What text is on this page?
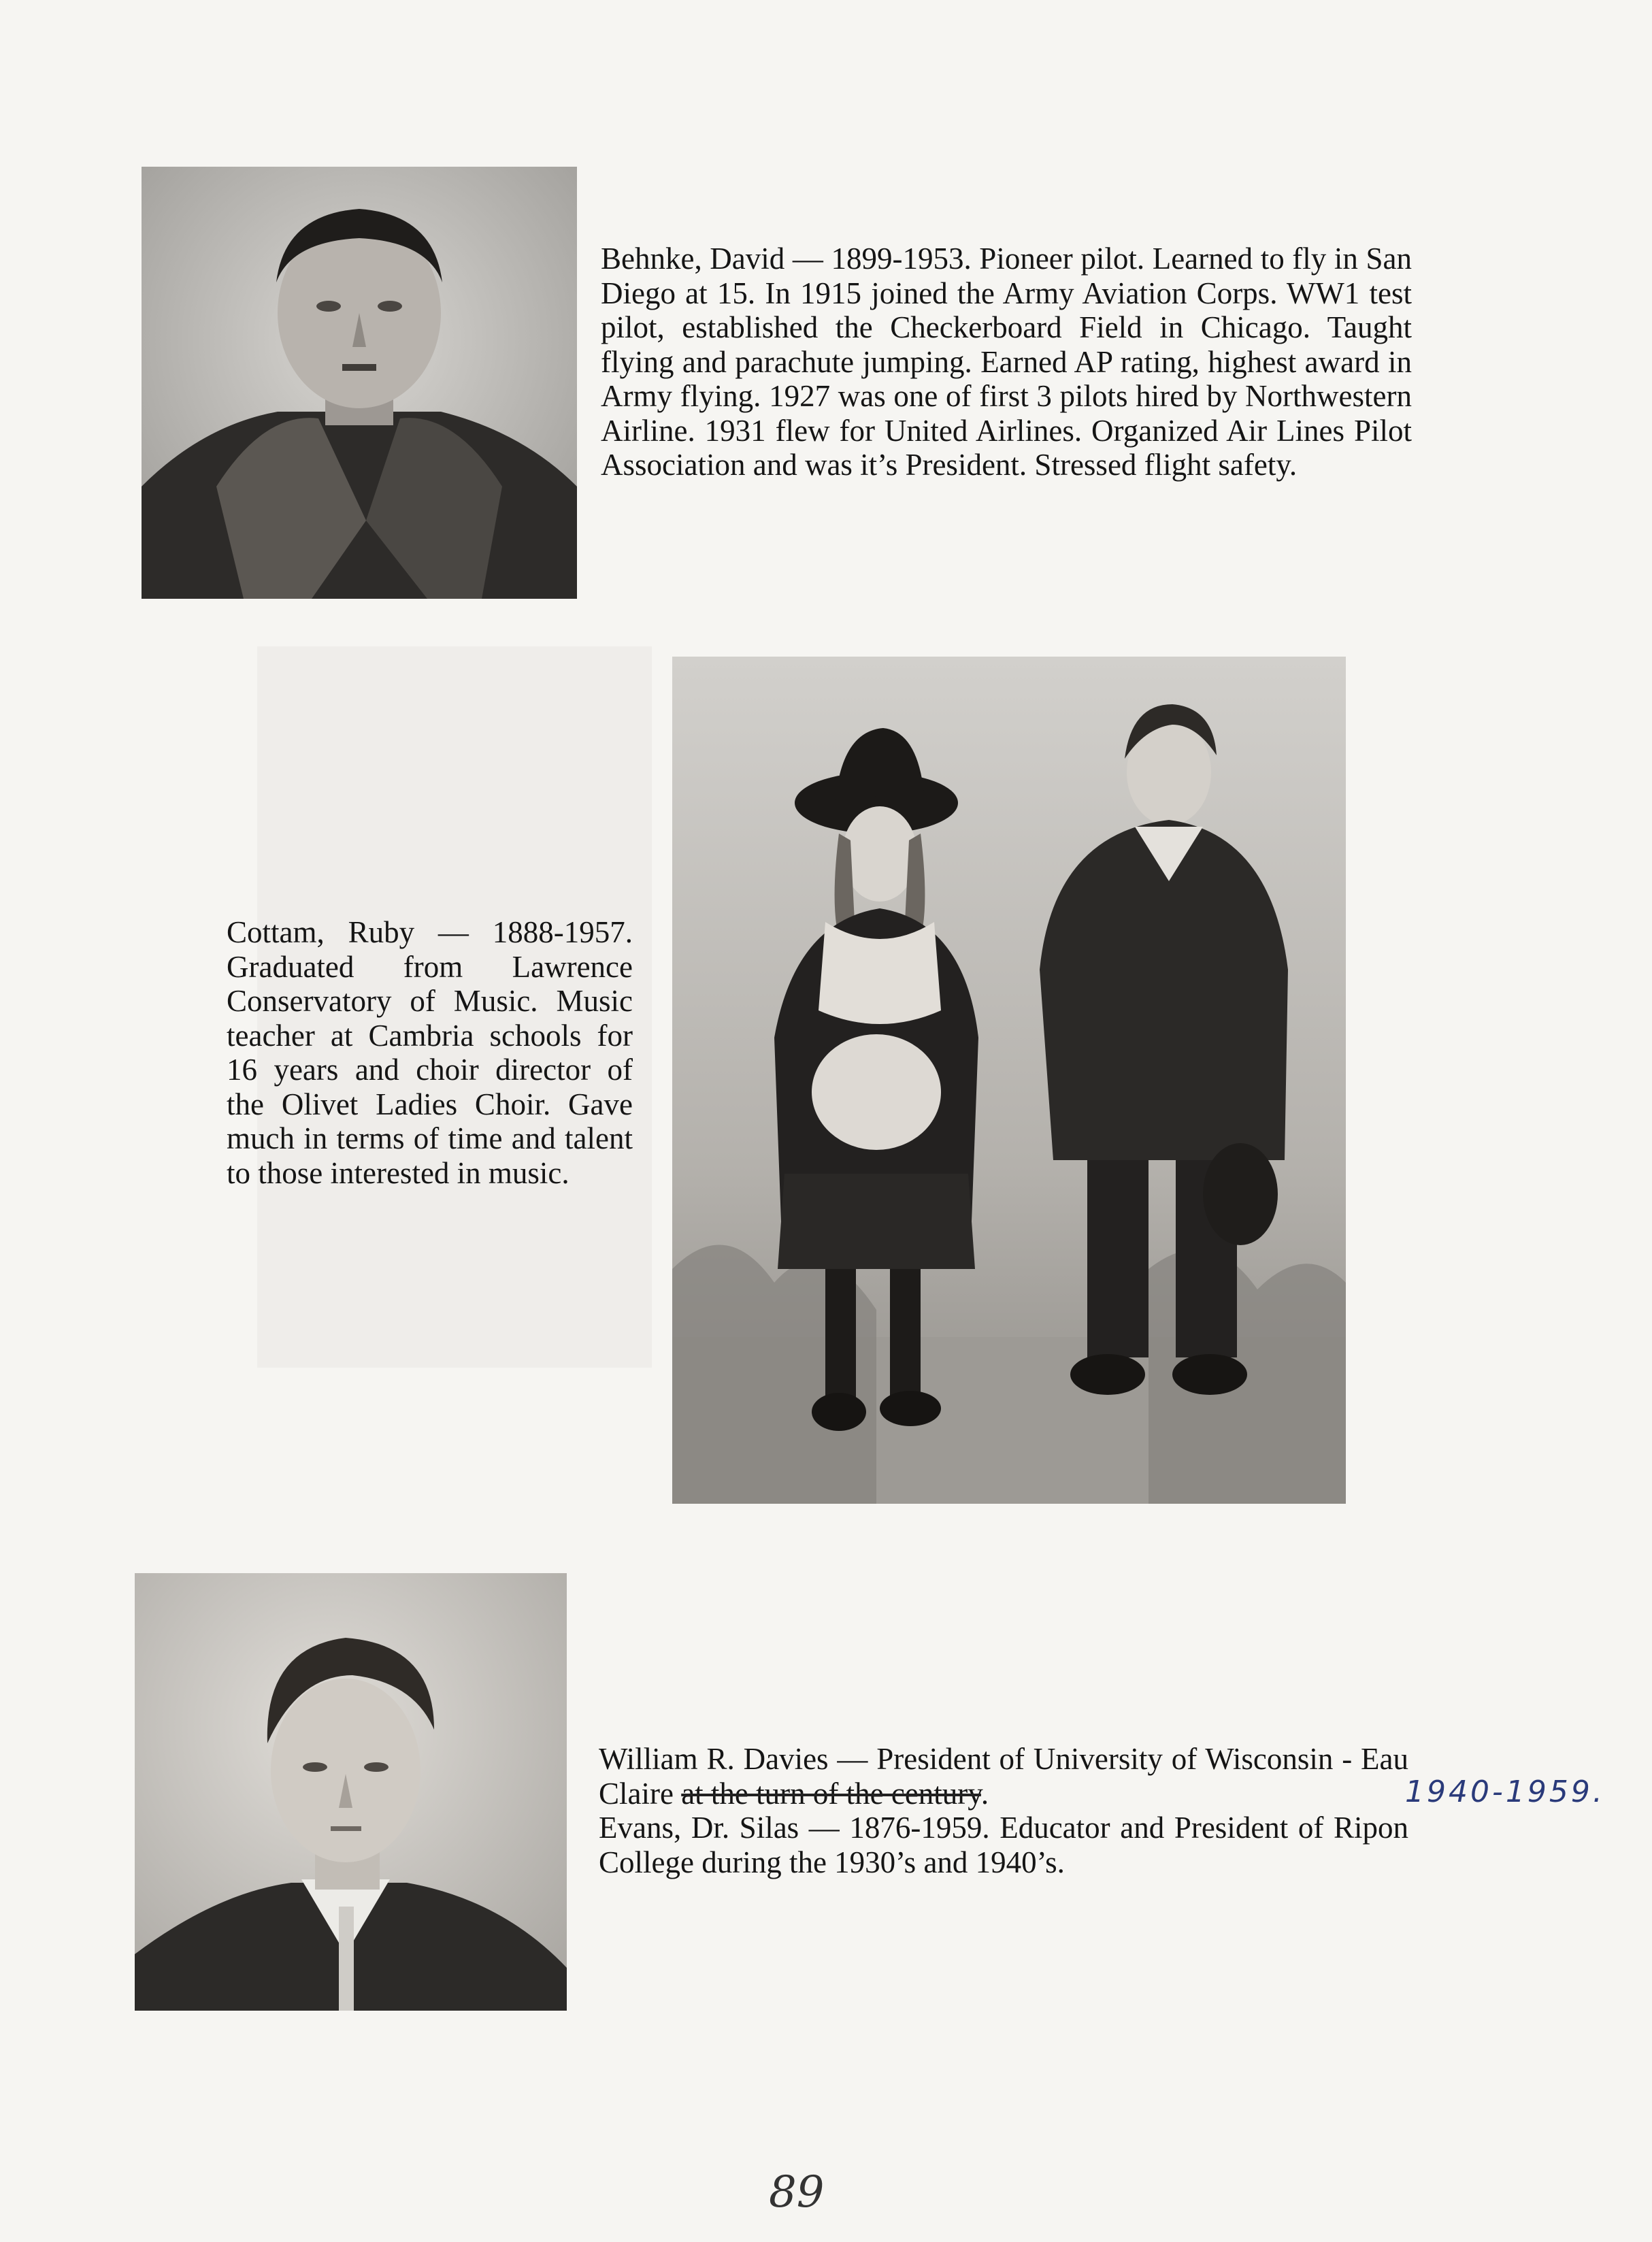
Behnke, David — 1899-1953. Pioneer pilot. Learned to fly in San Diego at 15. In 1915 joined the Army Aviation Corps. WW1 test pilot, established the Checkerboard Field in Chicago. Taught flying and parachute jumping. Earned AP rating, highest award in Army flying. 1927 was one of first 3 pilots hired by Northwestern Airline. 1931 flew for United Airlines. Organized Air Lines Pilot Association and was it’s President. Stressed flight safety.

Cottam, Ruby — 1888-1957. Graduated from Lawrence Conservatory of Music. Music teacher at Cambria schools for 16 years and choir director of the Olivet Ladies Choir. Gave much in terms of time and talent to those interested in music.

William R. Davies — President of University of Wisconsin - Eau Claire at the turn of the century.

Evans, Dr. Silas — 1876-1959. Educator and President of Ripon College during the 1930’s and 1940’s.

1940-1959.
89
